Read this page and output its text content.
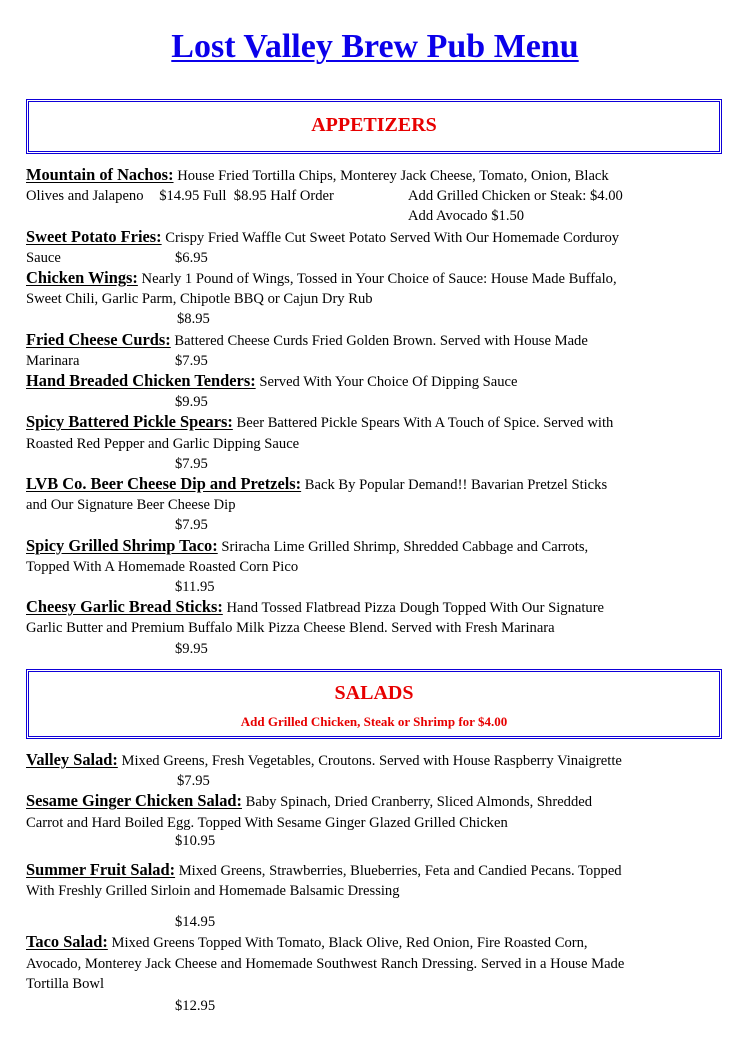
Lost Valley Brew Pub Menu
APPETIZERS
Mountain of Nachos: House Fried Tortilla Chips, Monterey Jack Cheese, Tomato, Onion, Black
Olives and Jalapeno $14.95 Full  $8.95 Half Order	Add Grilled Chicken or Steak: $4.00

Add Avocado $1.50
Sweet Potato Fries: Crispy Fried Waffle Cut Sweet Potato Served With Our Homemade Corduroy
Sauce	$6.95
Chicken Wings: Nearly 1 Pound of Wings, Tossed in Your Choice of Sauce: House Made Buffalo,
Sweet Chili, Garlic Parm, Chipotle BBQ or Cajun Dry Rub

$8.95
Fried Cheese Curds: Battered Cheese Curds Fried Golden Brown. Served with House Made
Marinara	$7.95
Hand Breaded Chicken Tenders: Served With Your Choice Of Dipping Sauce
$9.95
Spicy Battered Pickle Spears: Beer Battered Pickle Spears With A Touch of Spice. Served with
Roasted Red Pepper and Garlic Dipping Sauce
$7.95
LVB Co. Beer Cheese Dip and Pretzels: Back By Popular Demand!! Bavarian Pretzel Sticks
and Our Signature Beer Cheese Dip
$7.95
Spicy Grilled Shrimp Taco: Sriracha Lime Grilled Shrimp, Shredded Cabbage and Carrots,
Topped With A Homemade Roasted Corn Pico
$11.95
Cheesy Garlic Bread Sticks: Hand Tossed Flatbread Pizza Dough Topped With Our Signature
Garlic Butter and Premium Buffalo Milk Pizza Cheese Blend. Served with Fresh Marinara
$9.95
SALADS
Add Grilled Chicken, Steak or Shrimp for $4.00
Valley Salad: Mixed Greens, Fresh Vegetables, Croutons. Served with House Raspberry Vinaigrette
$7.95
Sesame Ginger Chicken Salad: Baby Spinach, Dried Cranberry, Sliced Almonds, Shredded
Carrot and Hard Boiled Egg. Topped With Sesame Ginger Glazed Grilled Chicken
$10.95
Summer Fruit Salad: Mixed Greens, Strawberries, Blueberries, Feta and Candied Pecans. Topped
With Freshly Grilled Sirloin and Homemade Balsamic Dressing
$14.95
Taco Salad: Mixed Greens Topped With Tomato, Black Olive, Red Onion, Fire Roasted Corn,
Avocado, Monterey Jack Cheese and Homemade Southwest Ranch Dressing. Served in a House Made
Tortilla Bowl
$12.95
